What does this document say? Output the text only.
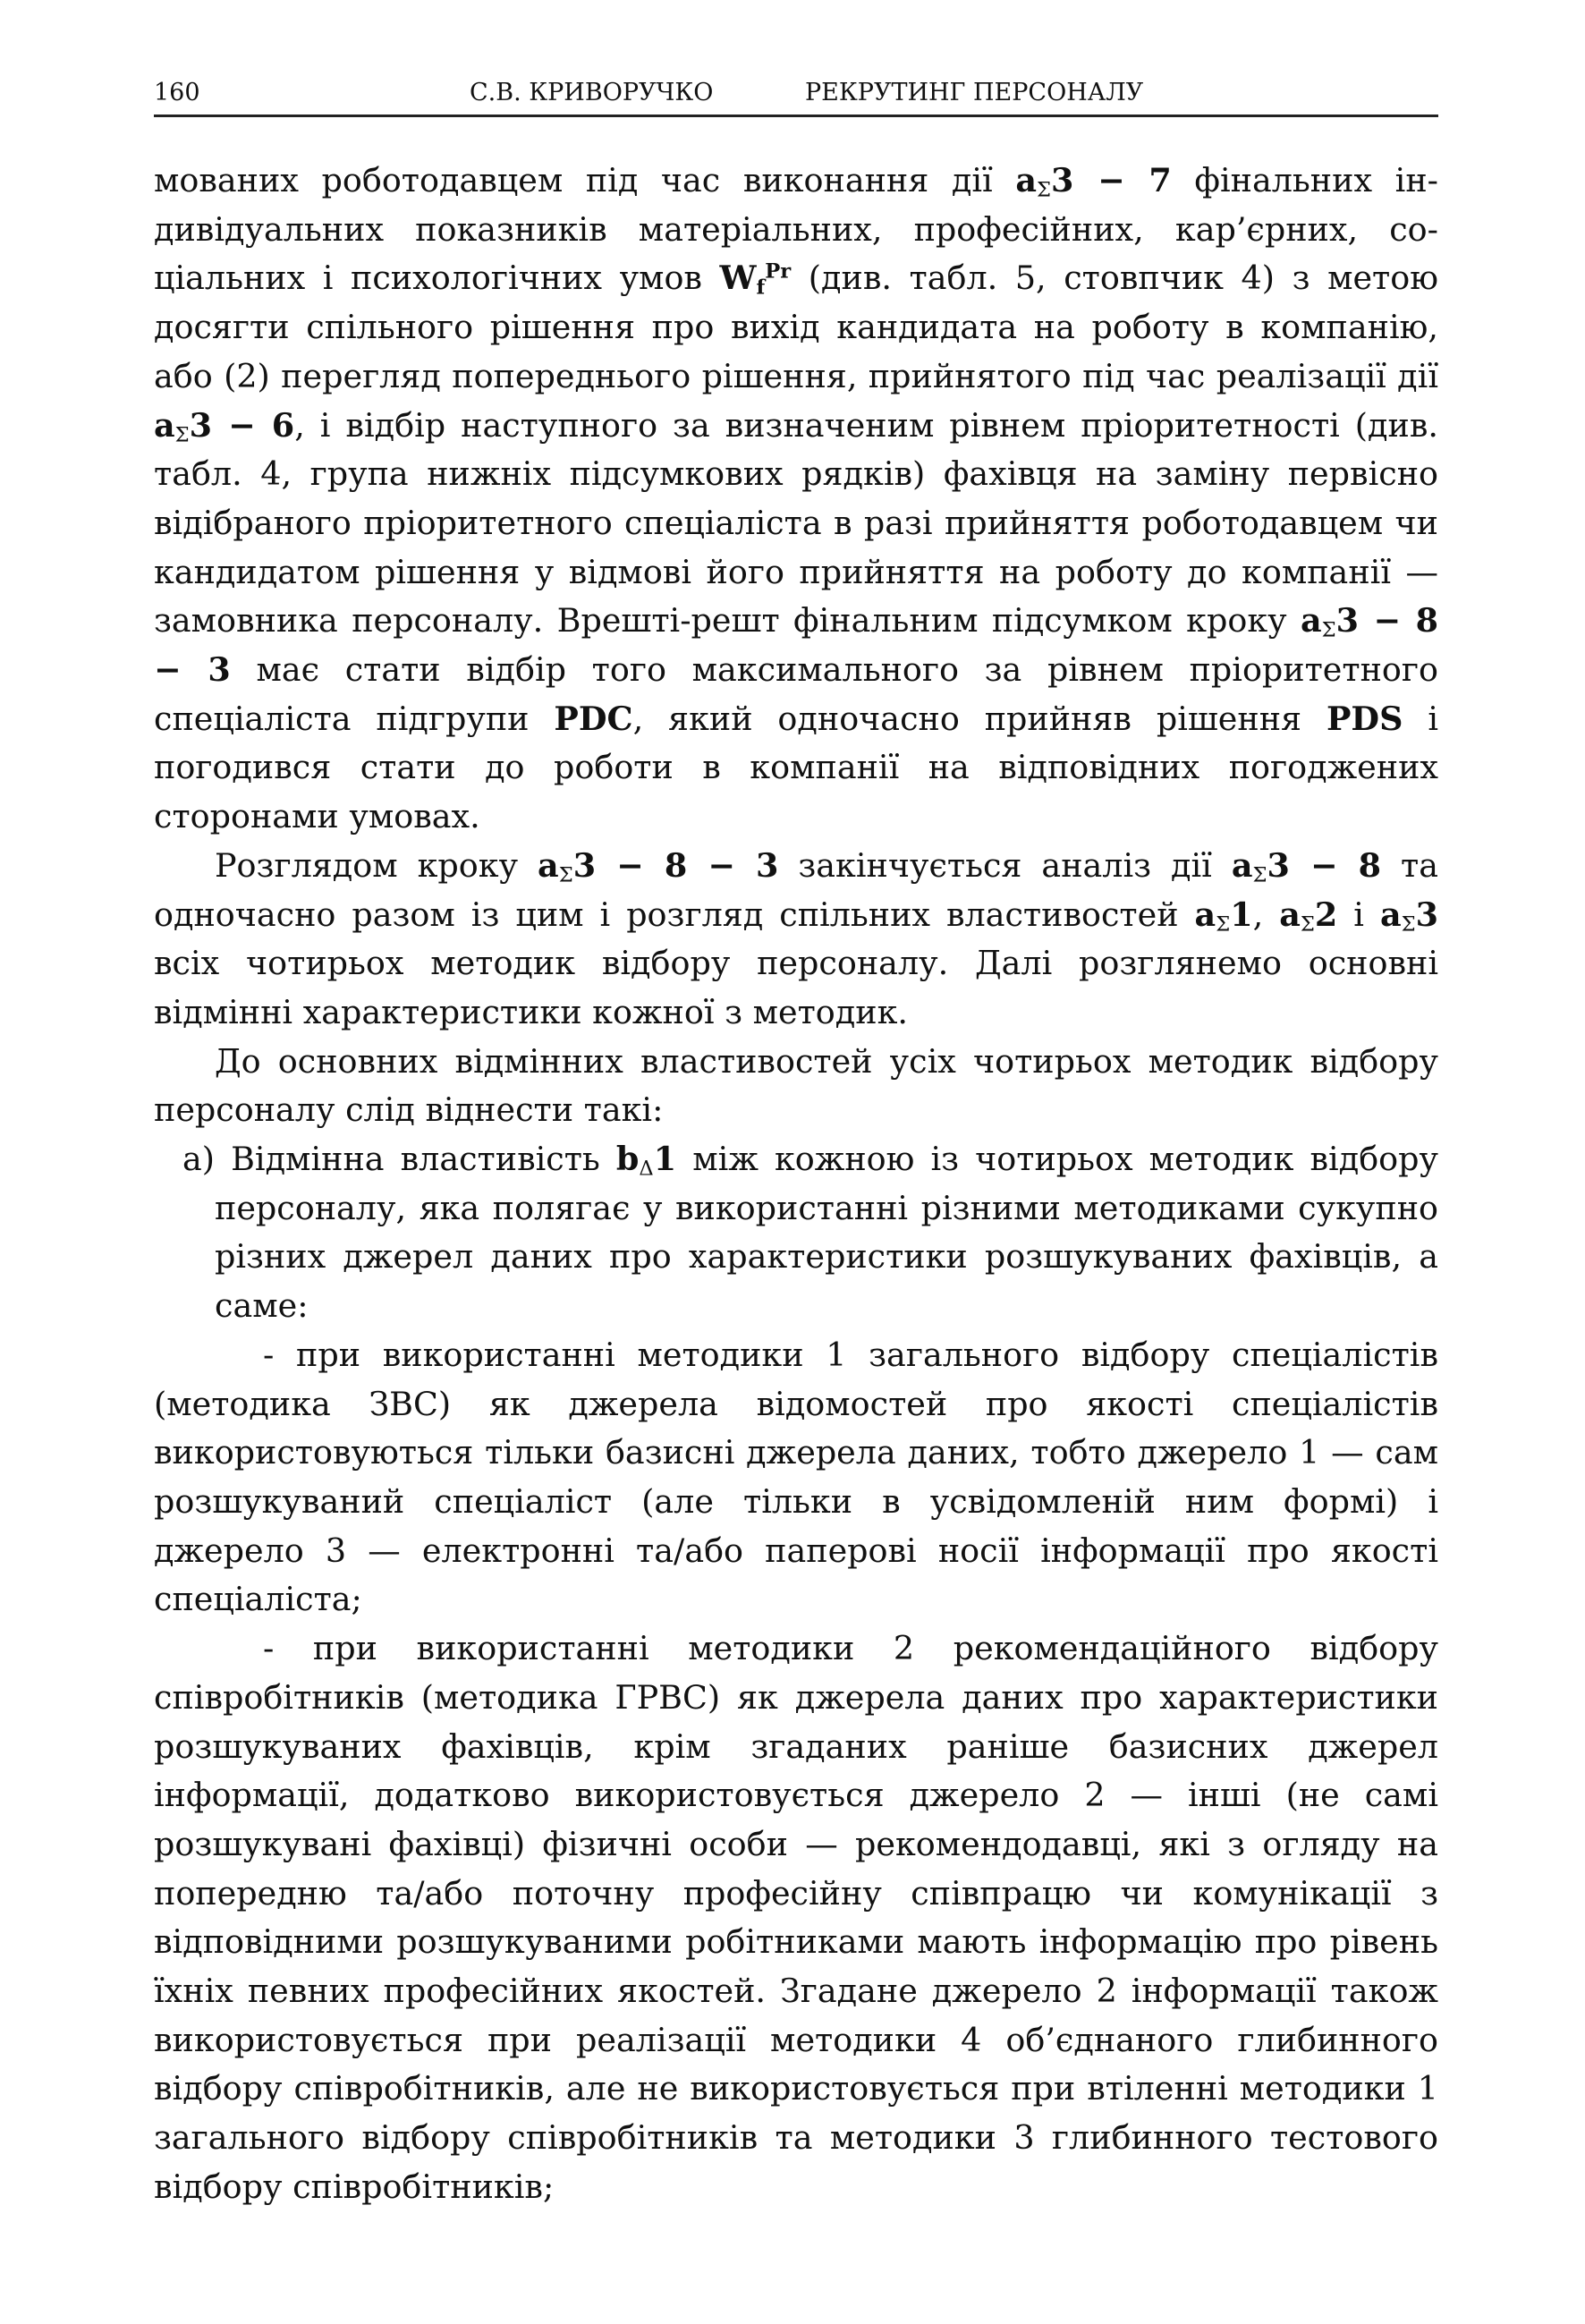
160	С.В. КРИВОРУЧКО	РЕКРУТИНГ ПЕРСОНАЛУ

мованих роботодавцем під час виконання дії $a_\Sigma 3 - 7$ фінальних індивідуальних показників матеріальних, професійних, кар’єрних, соціальних і психологічних умов $W_f^{Pr}$ (див. табл. 5, стовпчик 4) з метою досягти спільного рішення про вихід кандидата на роботу в компанію, або (2) перегляд попереднього рішення, прийнятого під час реалізації дії $a_\Sigma 3 - 6$, і відбір наступного за визначеним рівнем пріоритетності (див. табл. 4, група нижніх підсумкових рядків) фахівця на заміну первісно відібраного пріоритетного спеціаліста в разі прийняття роботодавцем чи кандидатом рішення у відмові його прийняття на роботу до компанії — замовника персоналу. Врешті-решт фінальним підсумком кроку $a_\Sigma 3 - 8 - 3$ має стати відбір того максимального за рівнем пріоритетного спеціаліста підгрупи PDC, який одночасно прийняв рішення PDS і погодився стати до роботи в компанії на відповідних погоджених сторонами умовах.

Розглядом кроку $a_\Sigma 3 - 8 - 3$ закінчується аналіз дії $a_\Sigma 3 - 8$ та одночасно разом із цим і розгляд спільних властивостей $a_\Sigma 1$, $a_\Sigma 2$ і $a_\Sigma 3$ всіх чотирьох методик відбору персоналу. Далі розглянемо основні відмінні характеристики кожної з методик.

До основних відмінних властивостей усіх чотирьох методик відбору персоналу слід віднести такі:

а) Відмінна властивість $b_\Delta 1$ між кожною із чотирьох методик відбору персоналу, яка полягає у використанні різними методиками сукупно різних джерел даних про характеристики розшукуваних фахівців, а саме:

- при використанні методики 1 загального відбору спеціалістів (методика ЗВС) як джерела відомостей про якості спеціалістів використовуються тільки базисні джерела даних, тобто джерело 1 — сам розшукуваний спеціаліст (але тільки в усвідомленій ним формі) і джерело 3 — електронні та/або паперові носії інформації про якості спеціаліста;

- при використанні методики 2 рекомендаційного відбору співробітників (методика ГРВС) як джерела даних про характеристики розшукуваних фахівців, крім згаданих раніше базисних джерел інформації, додатково використовується джерело 2 — інші (не самі розшукувані фахівці) фізичні особи — рекомендодавці, які з огляду на попередню та/або поточну професійну співпрацю чи комунікації з відповідними розшукуваними робітниками мають інформацію про рівень їхніх певних професійних якостей. Згадане джерело 2 інформації також використовується при реалізації методики 4 об’єднаного глибинного відбору співробітників, але не використовується при втіленні методики 1 загального відбору співробітників та методики 3 глибинного тестового відбору співробітників;
